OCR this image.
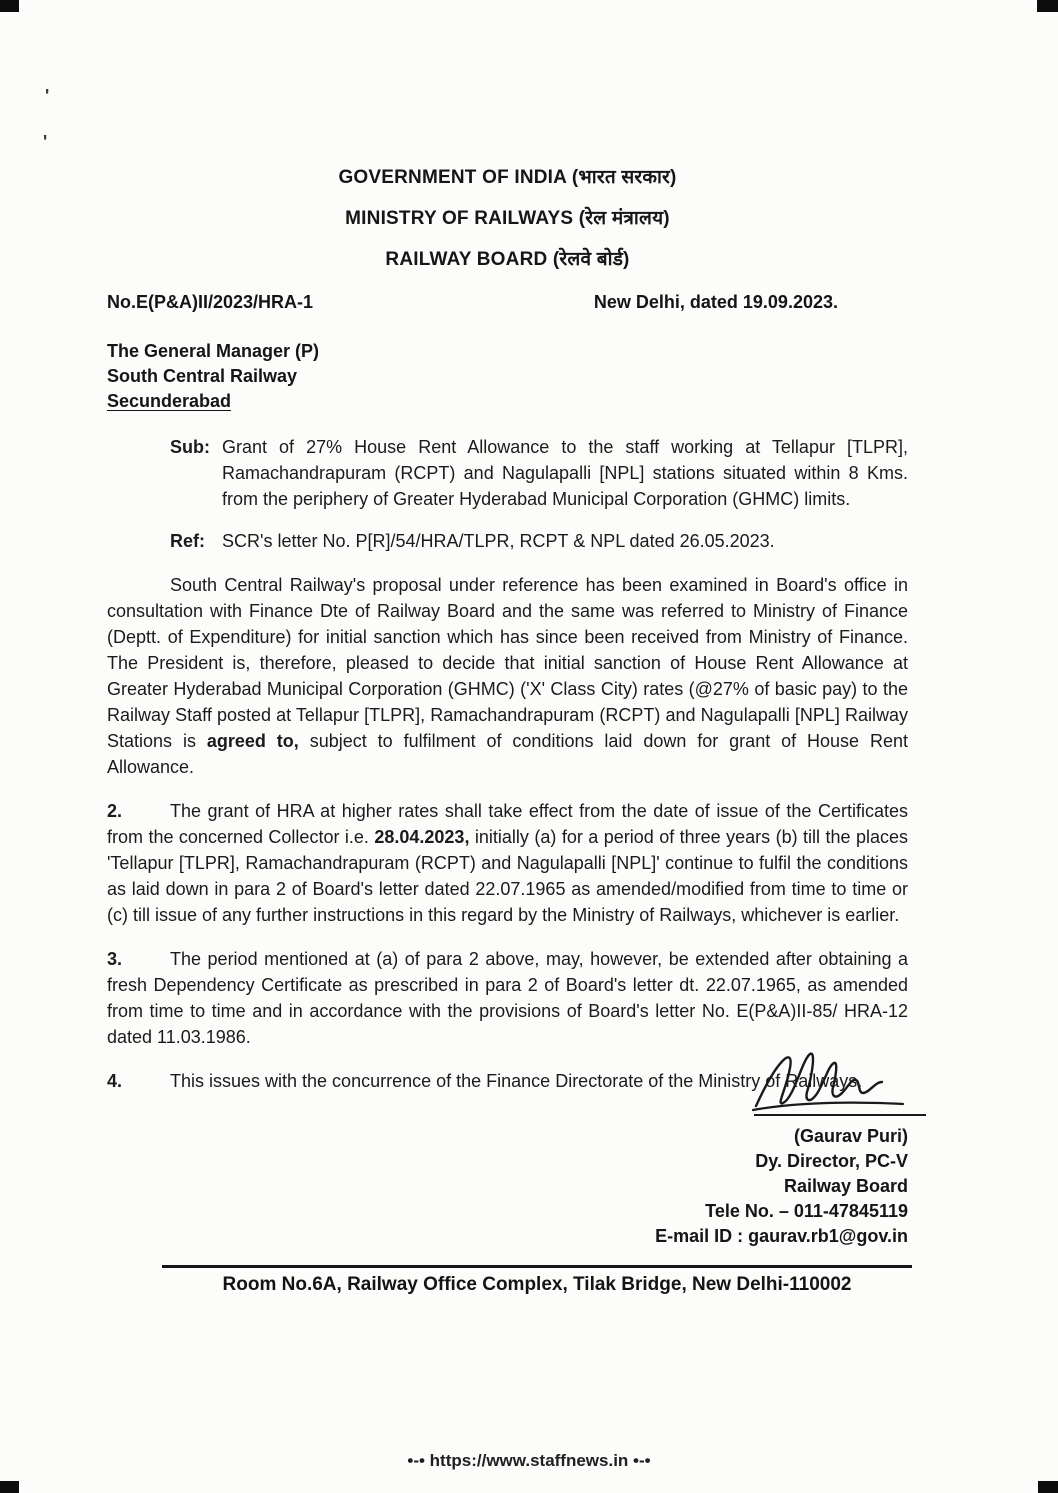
'
'
GOVERNMENT OF INDIA (भारत सरकार)
MINISTRY OF RAILWAYS (रेल मंत्रालय)
RAILWAY BOARD (रेलवे बोर्ड)
No.E(P&A)II/2023/HRA-1	New Delhi, dated 19.09.2023.
The General Manager (P)
South Central Railway
Secunderabad
Sub: Grant of 27% House Rent Allowance to the staff working at Tellapur [TLPR], Ramachandrapuram (RCPT) and Nagulapalli [NPL] stations situated within 8 Kms. from the periphery of Greater Hyderabad Municipal Corporation (GHMC) limits.
Ref: SCR's letter No. P[R]/54/HRA/TLPR, RCPT & NPL dated 26.05.2023.

South Central Railway's proposal under reference has been examined in Board's office in consultation with Finance Dte of Railway Board and the same was referred to Ministry of Finance (Deptt. of Expenditure) for initial sanction which has since been received from Ministry of Finance. The President is, therefore, pleased to decide that initial sanction of House Rent Allowance at Greater Hyderabad Municipal Corporation (GHMC) ('X' Class City) rates (@27% of basic pay) to the Railway Staff posted at Tellapur [TLPR], Ramachandrapuram (RCPT) and Nagulapalli [NPL] Railway Stations is agreed to, subject to fulfilment of conditions laid down for grant of House Rent Allowance.

2.	The grant of HRA at higher rates shall take effect from the date of issue of the Certificates from the concerned Collector i.e. 28.04.2023, initially (a) for a period of three years (b) till the places 'Tellapur [TLPR], Ramachandrapuram (RCPT) and Nagulapalli [NPL]' continue to fulfil the conditions as laid down in para 2 of Board's letter dated 22.07.1965 as amended/modified from time to time or (c) till issue of any further instructions in this regard by the Ministry of Railways, whichever is earlier.

3.	The period mentioned at (a) of para 2 above, may, however, be extended after obtaining a fresh Dependency Certificate as prescribed in para 2 of Board's letter dt. 22.07.1965, as amended from time to time and in accordance with the provisions of Board's letter No. E(P&A)II-85/ HRA-12 dated 11.03.1986.

4.	This issues with the concurrence of the Finance Directorate of the Ministry of Railways.

(Gaurav Puri)
Dy. Director, PC-V
Railway Board
Tele No. – 011-47845119
E-mail ID : gaurav.rb1@gov.in
Room No.6A, Railway Office Complex, Tilak Bridge, New Delhi-110002
•-• https://www.staffnews.in •-•
